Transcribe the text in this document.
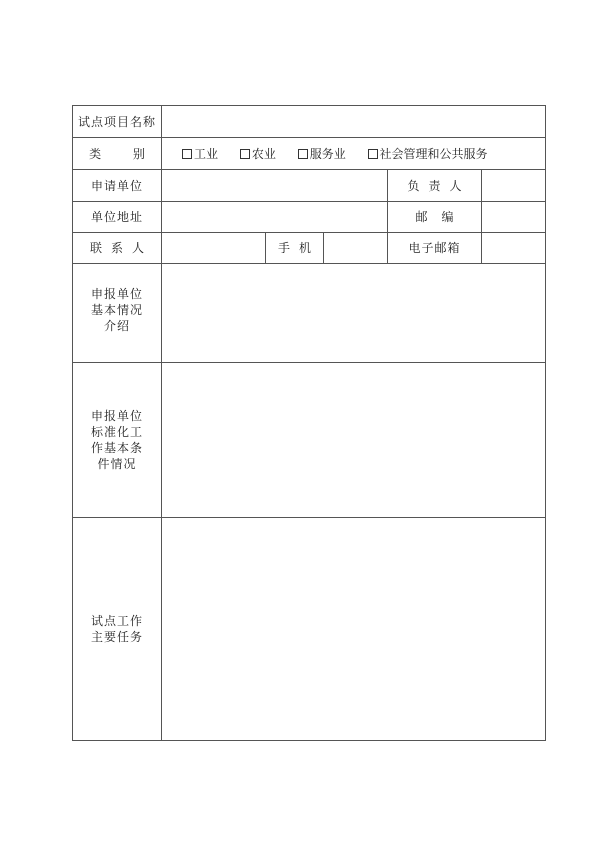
试点项目名称					
类 别	工业 农业 服务业 社会管理和公共服务				
申请单位				负责人	
单位地址				邮编	
联系人		手机		电子邮箱	
申报单位基本情况介绍					
申报单位标准化工作基本条件情况					
试点工作主要任务					
